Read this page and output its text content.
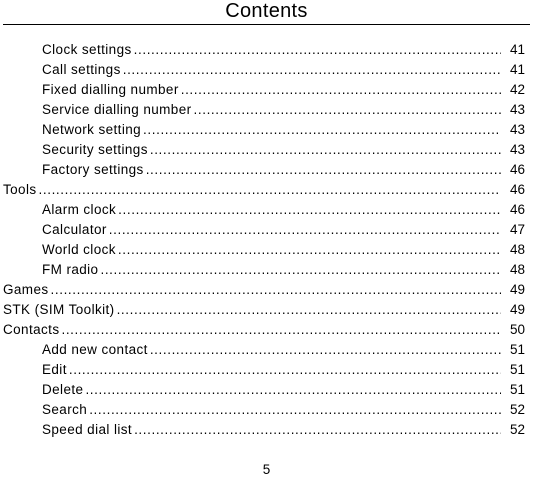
Contents
Clock settings .....	41
Call settings .....	41
Fixed dialling number .....	42
Service dialling number .....	43
Network setting .....	43
Security settings .....	43
Factory settings .....	46
Tools .....	46
Alarm clock .....	46
Calculator .....	47
World clock .....	48
FM radio .....	48
Games .....	49
STK (SIM Toolkit) .....	49
Contacts .....	50
Add new contact .....	51
Edit .....	51
Delete .....	51
Search .....	52
Speed dial list .....	52
5
